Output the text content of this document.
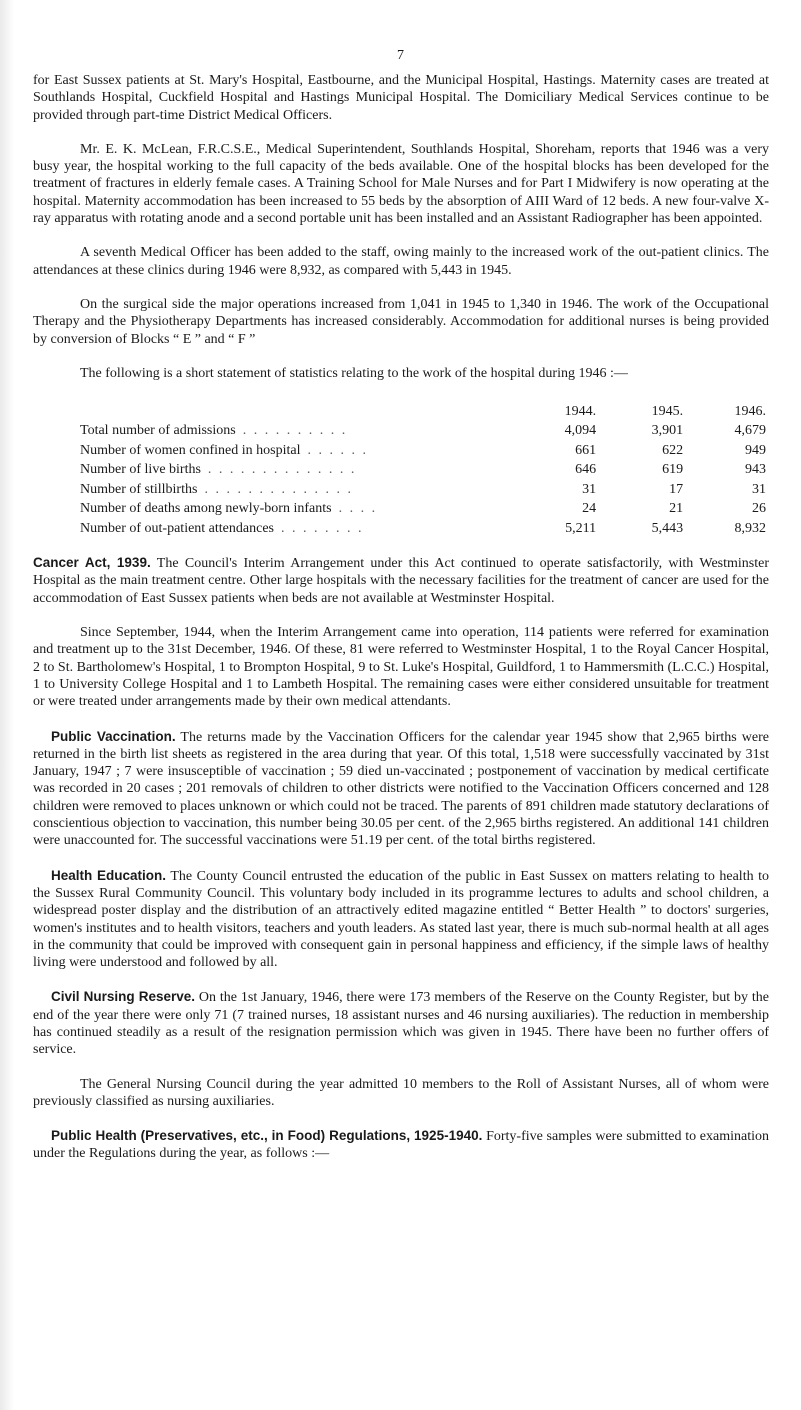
7

for East Sussex patients at St. Mary's Hospital, Eastbourne, and the Municipal Hospital, Hastings. Maternity cases are treated at Southlands Hospital, Cuckfield Hospital and Hastings Municipal Hospital. The Domiciliary Medical Services continue to be provided through part-time District Medical Officers.

Mr. E. K. McLean, F.R.C.S.E., Medical Superintendent, Southlands Hospital, Shoreham, reports that 1946 was a very busy year, the hospital working to the full capacity of the beds available. One of the hospital blocks has been developed for the treatment of fractures in elderly female cases. A Training School for Male Nurses and for Part I Midwifery is now operating at the hospital. Maternity accommodation has been increased to 55 beds by the absorption of AIII Ward of 12 beds. A new four-valve X-ray apparatus with rotating anode and a second portable unit has been installed and an Assistant Radiographer has been appointed.

A seventh Medical Officer has been added to the staff, owing mainly to the increased work of the out-patient clinics. The attendances at these clinics during 1946 were 8,932, as compared with 5,443 in 1945.

On the surgical side the major operations increased from 1,041 in 1945 to 1,340 in 1946. The work of the Occupational Therapy and the Physiotherapy Departments has increased considerably. Accommodation for additional nurses is being provided by conversion of Blocks “ E ” and “ F ”

The following is a short statement of statistics relating to the work of the hospital during 1946 :—

	1944.	1945.	1946.
Total number of admissions . . . . . . . . . .	4,094	3,901	4,679
Number of women confined in hospital . . . . . .	661	622	949
Number of live births . . . . . . . . . . . . . .	646	619	943
Number of stillbirths . . . . . . . . . . . . . .	31	17	31
Number of deaths among newly-born infants . . . .	24	21	26
Number of out-patient attendances . . . . . . . .	5,211	5,443	8,932

Cancer Act, 1939. The Council's Interim Arrangement under this Act continued to operate satisfactorily, with Westminster Hospital as the main treatment centre. Other large hospitals with the necessary facilities for the treatment of cancer are used for the accommodation of East Sussex patients when beds are not available at Westminster Hospital.

Since September, 1944, when the Interim Arrangement came into operation, 114 patients were referred for examination and treatment up to the 31st December, 1946. Of these, 81 were referred to Westminster Hospital, 1 to the Royal Cancer Hospital, 2 to St. Bartholomew's Hospital, 1 to Brompton Hospital, 9 to St. Luke's Hospital, Guildford, 1 to Hammersmith (L.C.C.) Hospital, 1 to University College Hospital and 1 to Lambeth Hospital. The remaining cases were either considered unsuitable for treatment or were treated under arrangements made by their own medical attendants.

Public Vaccination. The returns made by the Vaccination Officers for the calendar year 1945 show that 2,965 births were returned in the birth list sheets as registered in the area during that year. Of this total, 1,518 were successfully vaccinated by 31st January, 1947 ; 7 were insusceptible of vaccination ; 59 died un-vaccinated ; postponement of vaccination by medical certificate was recorded in 20 cases ; 201 removals of children to other districts were notified to the Vaccination Officers concerned and 128 children were removed to places unknown or which could not be traced. The parents of 891 children made statutory declarations of conscientious objection to vaccination, this number being 30.05 per cent. of the 2,965 births registered. An additional 141 children were unaccounted for. The successful vaccinations were 51.19 per cent. of the total births registered.

Health Education. The County Council entrusted the education of the public in East Sussex on matters relating to health to the Sussex Rural Community Council. This voluntary body included in its programme lectures to adults and school children, a widespread poster display and the distribution of an attractively edited magazine entitled “ Better Health ” to doctors' surgeries, women's institutes and to health visitors, teachers and youth leaders. As stated last year, there is much sub-normal health at all ages in the community that could be improved with consequent gain in personal happiness and efficiency, if the simple laws of healthy living were understood and followed by all.

Civil Nursing Reserve. On the 1st January, 1946, there were 173 members of the Reserve on the County Register, but by the end of the year there were only 71 (7 trained nurses, 18 assistant nurses and 46 nursing auxiliaries). The reduction in membership has continued steadily as a result of the resignation permission which was given in 1945. There have been no further offers of service.

The General Nursing Council during the year admitted 10 members to the Roll of Assistant Nurses, all of whom were previously classified as nursing auxiliaries.

Public Health (Preservatives, etc., in Food) Regulations, 1925-1940. Forty-five samples were submitted to examination under the Regulations during the year, as follows :—
